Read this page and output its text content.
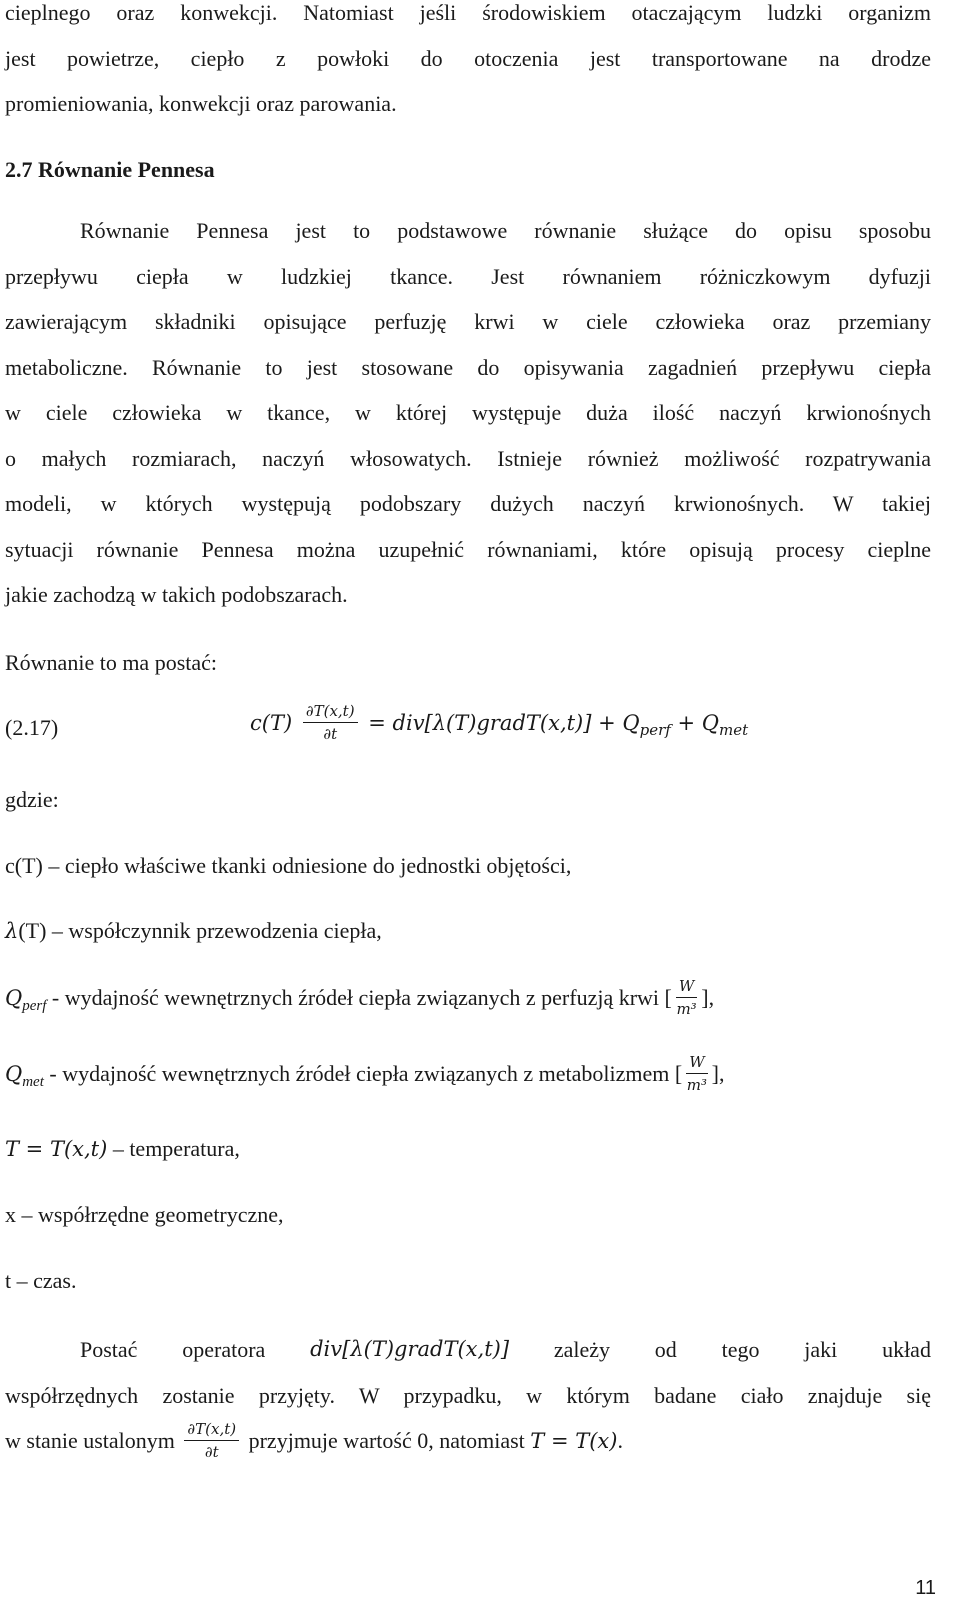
cieplnego oraz konwekcji. Natomiast jeśli środowiskiem otaczającym ludzki organizm

jest powietrze, ciepło z powłoki do otoczenia jest transportowane na drodze

promieniowania, konwekcji oraz parowania.

2.7 Równanie Pennesa

Równanie Pennesa jest to podstawowe równanie służące do opisu sposobu

przepływu ciepła w ludzkiej tkance. Jest równaniem różniczkowym dyfuzji

zawierającym składniki opisujące perfuzję krwi w ciele człowieka oraz przemiany

metaboliczne. Równanie to jest stosowane do opisywania zagadnień przepływu ciepła

w ciele człowieka w tkance, w której występuje duża ilość naczyń krwionośnych

o małych rozmiarach, naczyń włosowatych. Istnieje również możliwość rozpatrywania

modeli, w których występują podobszary dużych naczyń krwionośnych. W takiej

sytuacji równanie Pennesa można uzupełnić równaniami, które opisują procesy cieplne

jakie zachodzą w takich podobszarach.

Równanie to ma postać:

(2.17)	$c(T) \frac{\partial T(x,t)}{\partial t}$ = div[λ(T)gradT(x,t)] + $Q_{perf} + Q_{met}$

gdzie:

c(T) – ciepło właściwe tkanki odniesione do jednostki objętości,

λ(T) – współczynnik przewodzenia ciepła,

$Q_{perf}$ - wydajność wewnętrznych źródeł ciepła związanych z perfuzją krwi [ $\frac{W}{\text{m³}}$ ],

$Q_{met}$ - wydajność wewnętrznych źródeł ciepła związanych z metabolizmem [ $\frac{W}{\text{m³}}$ ],

T = T(x,t) – temperatura,

x – współrzędne geometryczne,

t – czas.

Postać operatora div[λ(T)gradT(x,t)] zależy od tego jaki układ

współrzędnych zostanie przyjęty. W przypadku, w którym badane ciało znajduje się

w stanie ustalonym $\frac{\partial T(x,t)}{\partial t}$ przyjmuje wartość 0, natomiast T = T(x).

11
